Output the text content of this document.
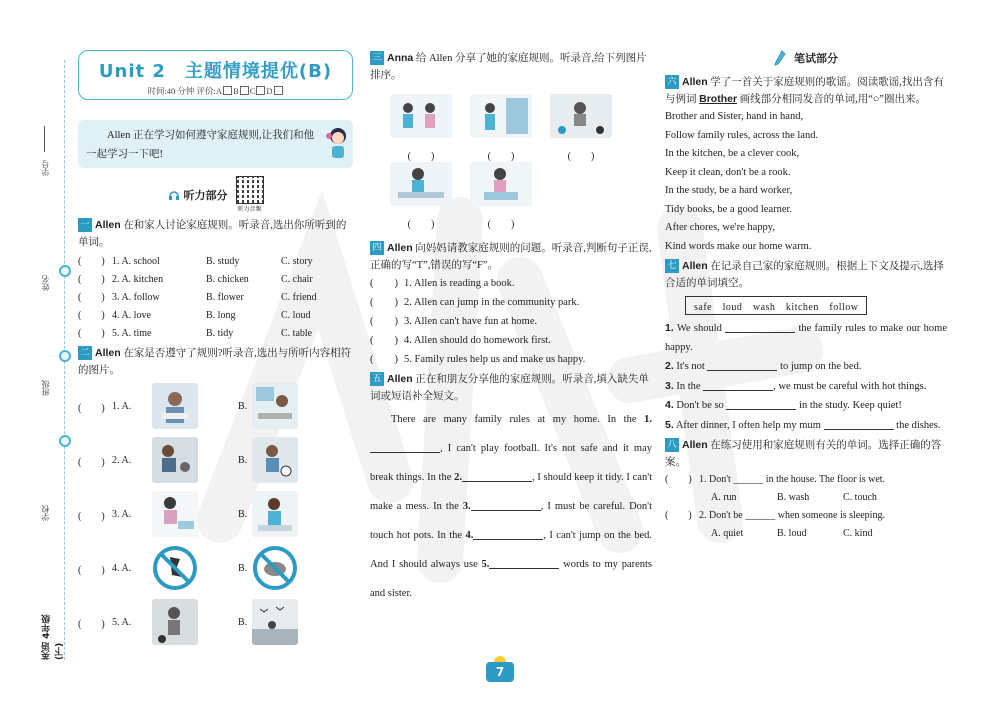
学号
姓名
班级
学校
英语 4年级(下)
Unit 2　主题情境提优(B)
时间:40 分钟 评价:A B C D
Allen 正在学习如何遵守家庭规则,让我们和他一起学习一下吧!
听力部分
听力音频
一 Allen 在和家人讨论家庭规则。听录音,选出你所听到的单词。
(　　) 1. A. school	B. study	C. story
(　　) 2. A. kitchen	B. chicken	C. chair
(　　) 3. A. follow	B. flower	C. friend
(　　) 4. A. love	B. long	C. loud
(　　) 5. A. time	B. tidy	C. table
二 Allen 在家是否遵守了规则?听录音,选出与所听内容相符的图片。
(　　) 1. A.	B.
(　　) 2. A.	B.
(　　) 3. A.	B.
(　　) 4. A.	B.
(　　) 5. A.	B.
三 Anna 给 Allen 分享了她的家庭规则。听录音,给下列图片排序。
(　　)	(　　)	(　　)
(　　)	(　　)
四 Allen 向妈妈请教家庭规则的问题。听录音,判断句子正误,正确的写“T”,错误的写“F”。
(　　) 1. Allen is reading a book.
(　　) 2. Allen can jump in the community park.
(　　) 3. Allen can't have fun at home.
(　　) 4. Allen should do homework first.
(　　) 5. Family rules help us and make us happy.
五 Allen 正在和朋友分享他的家庭规则。听录音,填入缺失单词或短语补全短文。
There are many family rules at my home. In the 1., I can't play football. It's not safe and it may break things. In the 2.	, I should keep it tidy. I can't make a mess. In the 3.	, I must be careful. Don't touch hot pots. In the 4.	, I can't jump on the bed. And I should always use 5.	words to my parents and sister.
笔试部分
六 Allen 学了一首关于家庭规则的歌谣。阅读歌谣,找出含有与例词 Brother 画线部分相同发音的单词,用“○”圈出来。
Brother and Sister, hand in hand,
Follow family rules, across the land.
In the kitchen, be a clever cook,
Keep it clean, don't be a rook.
In the study, be a hard worker,
Tidy books, be a good learner.
After chores, we're happy,
Kind words make our home warm.
七 Allen 在记录自己家的家庭规则。根据上下文及提示,选择合适的单词填空。
safe　loud　wash　kitchen　follow
1. We should	the family rules to make our home happy.
2. It's not	to jump on the bed.
3. In the	, we must be careful with hot things.
4. Don't be so	in the study. Keep quiet!
5. After dinner, I often help my mum	the dishes.
八 Allen 在练习使用和家庭规则有关的单词。选择正确的答案。
(　　) 1. Don't ______ in the house. The floor is wet.
A. run	B. wash	C. touch
(　　) 2. Don't be ______ when someone is sleeping.
A. quiet	B. loud	C. kind
7
